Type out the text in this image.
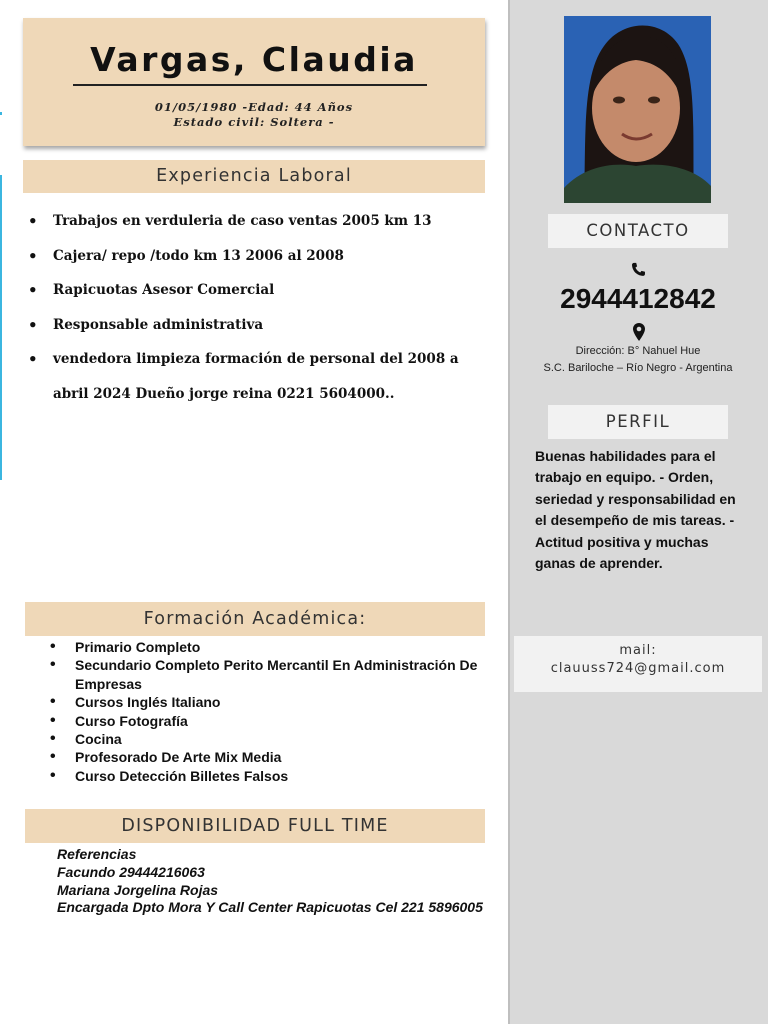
Vargas, Claudia
01/05/1980 -Edad: 44 Años
Estado civil: Soltera -
Experiencia Laboral
• Trabajos en verduleria de caso ventas 2005 km 13
• Cajera/ repo /todo km 13 2006 al 2008
• Rapicuotas Asesor Comercial
• Responsable administrativa
• vendedora limpieza formación de personal del 2008 a abril 2024 Dueño jorge reina 0221 5604000..
Formación Académica:
• Primario Completo
• Secundario Completo Perito Mercantil En Administración De Empresas
• Cursos Inglés Italiano
• Curso Fotografía
• Cocina
• Profesorado De Arte Mix Media
• Curso Detección Billetes Falsos
DISPONIBILIDAD FULL TIME
Referencias
Facundo 29444216063
Mariana Jorgelina Rojas
Encargada Dpto Mora Y Call Center Rapicuotas Cel 221 5896005
CONTACTO
2944412842
Dirección: B° Nahuel Hue
S.C. Bariloche – Río Negro - Argentina
PERFIL
Buenas habilidades para el trabajo en equipo. - Orden, seriedad y responsabilidad en el desempeño de mis tareas. - Actitud positiva y muchas ganas de aprender.
mail:
clauuss724@gmail.com
